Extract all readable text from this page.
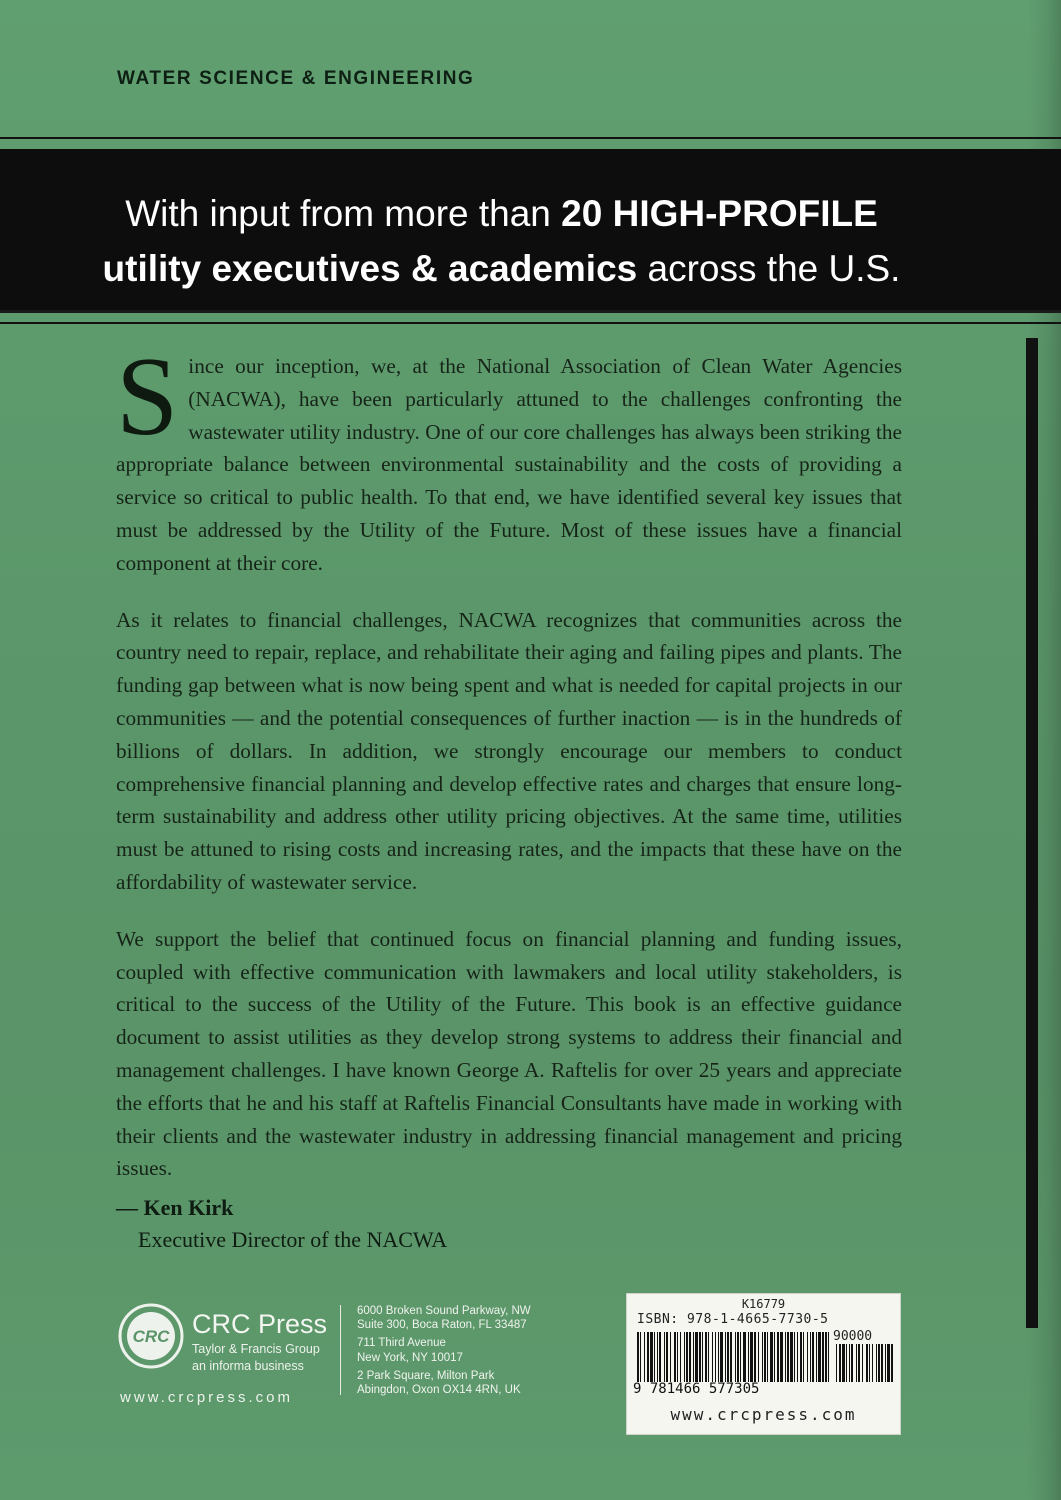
WATER SCIENCE & ENGINEERING
With input from more than 20 HIGH-PROFILE
utility executives & academics across the U.S.

Since our inception, we, at the National Association of Clean Water Agencies (NACWA), have been particularly attuned to the challenges confronting the wastewater utility industry. One of our core challenges has always been striking the appropriate balance between environmental sustainability and the costs of providing a service so critical to public health. To that end, we have identified several key issues that must be addressed by the Utility of the Future. Most of these issues have a financial component at their core.

As it relates to financial challenges, NACWA recognizes that communities across the country need to repair, replace, and rehabilitate their aging and failing pipes and plants. The funding gap between what is now being spent and what is needed for capital projects in our communities — and the potential consequences of further inaction — is in the hundreds of billions of dollars. In addition, we strongly encourage our members to conduct comprehensive financial planning and develop effective rates and charges that ensure long-term sustainability and address other utility pricing objectives. At the same time, utilities must be attuned to rising costs and increasing rates, and the impacts that these have on the affordability of wastewater service.

We support the belief that continued focus on financial planning and funding issues, coupled with effective communication with lawmakers and local utility stakeholders, is critical to the success of the Utility of the Future. This book is an effective guidance document to assist utilities as they develop strong systems to address their financial and management challenges. I have known George A. Raftelis for over 25 years and appreciate the efforts that he and his staff at Raftelis Financial Consultants have made in working with their clients and the wastewater industry in addressing financial management and pricing issues.

— Ken Kirk
Executive Director of the NACWA
CRC CRC Press
Taylor & Francis Group
an informa business
www.crcpress.com
6000 Broken Sound Parkway, NW
Suite 300, Boca Raton, FL 33487
711 Third Avenue
New York, NY 10017
2 Park Square, Milton Park
Abingdon, Oxon OX14 4RN, UK
K16779
ISBN: 978-1-4665-7730-5
90000
9 781466 577305
www.crcpress.com
